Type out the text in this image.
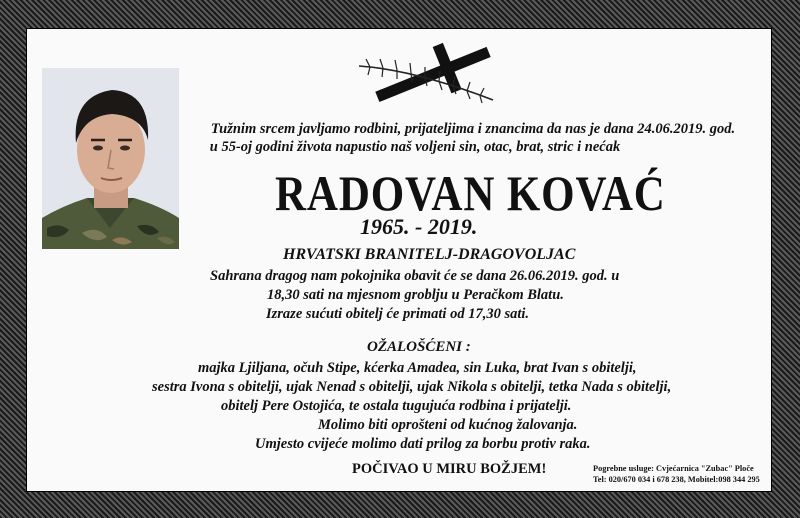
Tužnim srcem javljamo rodbini, prijateljima i znancima da nas je dana 24.06.2019. god.
u 55-oj godini života napustio naš voljeni sin, otac, brat, stric i nećak
RADOVAN KOVAĆ
1965. - 2019.
HRVATSKI BRANITELJ-DRAGOVOLJAC
Sahrana dragog nam pokojnika obavit će se dana 26.06.2019. god. u
18,30 sati na mjesnom groblju u Peračkom Blatu.
Izraze sućuti obitelj će primati od 17,30 sati.
OŽALOŠĆENI :
majka Ljiljana, očuh Stipe, kćerka Amadea, sin Luka, brat Ivan s obitelji,
sestra Ivona s obitelji, ujak Nenad s obitelji, ujak Nikola s obitelji, tetka Nada s obitelji,
obitelj Pere Ostojića, te ostala tugujuća rodbina i prijatelji.
Molimo biti oprošteni od kućnog žalovanja.
Umjesto cvijeće molimo dati prilog za borbu protiv raka.
POČIVAO U MIRU BOŽJEM!	Pogrebne usluge: Cvjećarnica "Zubac" Ploče
Tel: 020/670 034 i 678 238, Mobitel:098 344 295
